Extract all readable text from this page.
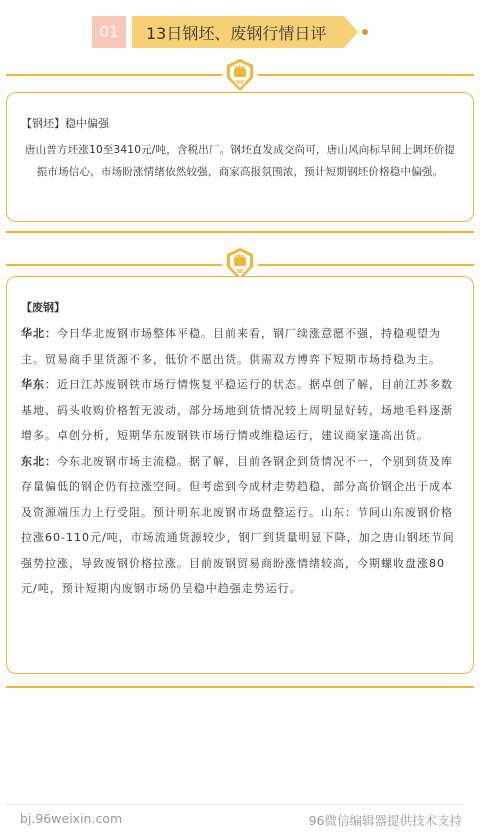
01	13日钢坯、废钢行情日评
96
【钢坯】稳中偏强
唐山普方坯涨10至3410元/吨，含税出厂。钢坯直发成交尚可，唐山风向标早间上调坯价提振市场信心，市场盼涨情绪依然较强，商家高报氛围浓，预计短期钢坯价格稳中偏强。
96
【废钢】

华北：今日华北废钢市场整体平稳。目前来看，钢厂续涨意愿不强，持稳观望为主。贸易商手里货源不多，低价不愿出货。供需双方博弈下短期市场持稳为主。

华东：近日江苏废钢铁市场行情恢复平稳运行的状态。据卓创了解，目前江苏多数基地、码头收购价格暂无波动，部分场地到货情况较上周明显好转，场地毛料逐渐增多。卓创分析，短期华东废钢铁市场行情或维稳运行，建议商家逢高出货。

东北：今东北废钢市场主流稳。据了解，目前各钢企到货情况不一，个别到货及库存量偏低的钢企仍有拉涨空间。但考虑到今成材走势趋稳，部分高价钢企出于成本及资源端压力上行受阻。预计明东北废钢市场盘整运行。山东：节间山东废钢价格拉涨60-110元/吨，市场流通货源较少，钢厂到货量明显下降，加之唐山钢坯节间强势拉涨，导致废钢价格拉涨。目前废钢贸易商盼涨情绪较高，今期螺收盘涨80元/吨，预计短期内废钢市场仍呈稳中趋强走势运行。

bj.96weixin.com	96微信编辑器提供技术支持
